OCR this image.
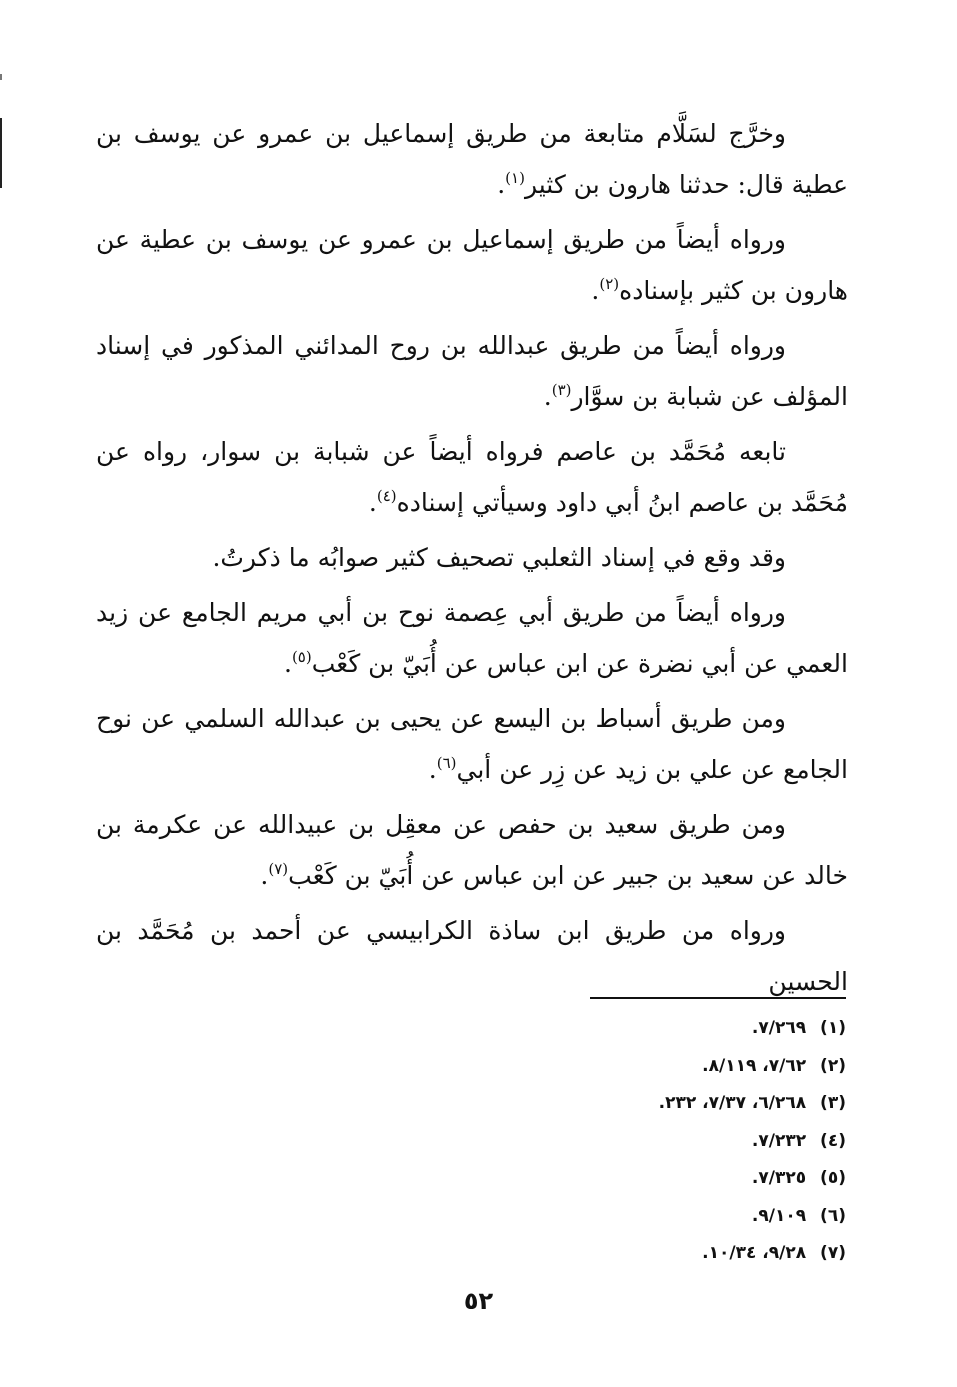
وخرَّج لسَلَّام متابعة من طريق إسماعيل بن عمرو عن يوسف بن عطية قال: حدثنا هارون بن كثير$^{(١)}$.

ورواه أيضاً من طريق إسماعيل بن عمرو عن يوسف بن عطية عن هارون بن كثير بإسناده$^{(٢)}$.

ورواه أيضاً من طريق عبدالله بن روح المدائني المذكور في إسناد المؤلف عن شبابة بن سوَّار$^{(٣)}$.

تابعه مُحَمَّد بن عاصم فرواه أيضاً عن شبابة بن سوار، رواه عن مُحَمَّد بن عاصم ابنُ أبي داود وسيأتي إسناده$^{(٤)}$.

وقد وقع في إسناد الثعلبي تصحيف كثير صوابُه ما ذكرتُ.

ورواه أيضاً من طريق أبي عِصمة نوح بن أبي مريم الجامع عن زيد العمي عن أبي نضرة عن ابن عباس عن أُبَيّ بن كَعْب$^{(٥)}$.

ومن طريق أسباط بن اليسع عن يحيى بن عبدالله السلمي عن نوح الجامع عن علي بن زيد عن زِر عن أبي$^{(٦)}$.

ومن طريق سعيد بن حفص عن معقِل بن عبيدالله عن عكرمة بن خالد عن سعيد بن جبير عن ابن عباس عن أُبَيّ بن كَعْب$^{(٧)}$.

ورواه من طريق ابن ساذة الكرابيسي عن أحمد بن مُحَمَّد بن الحسين

(١) ٧/٢٦٩.
(٢) ٧/٦٢، ٨/١١٩.
(٣) ٦/٢٦٨، ٧/٣٧، ٢٣٢.
(٤) ٧/٢٣٢.
(٥) ٧/٣٢٥.
(٦) ٩/١٠٩.
(٧) ٩/٢٨، ١٠/٣٤.
٥٢
